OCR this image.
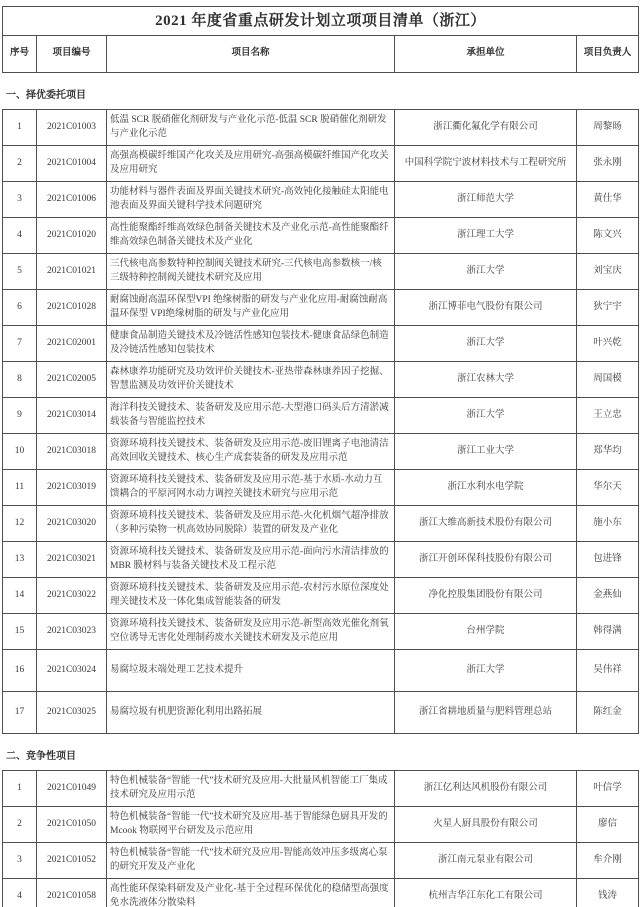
2021 年度省重点研发计划立项项目清单（浙江）
序号	项目编号	项目名称	承担单位	项目负责人

一、择优委托项目

1	2021C01003	低温 SCR 脱硝催化剂研发与产业化示范-低温 SCR 脱硝催化剂研发与产业化示范	浙江衢化氟化学有限公司	周黎旸
2	2021C01004	高强高模碳纤维国产化攻关及应用研究-高强高模碳纤维国产化攻关及应用研究	中国科学院宁波材料技术与工程研究所	张永刚
3	2021C01006	功能材料与器件表面及界面关键技术研究-高效钝化接触硅太阳能电池表面及界面关键科学技术问题研究	浙江师范大学	黄仕华
4	2021C01020	高性能聚酯纤维高效绿色制备关键技术及产业化示范-高性能聚酯纤维高效绿色制备关键技术及产业化	浙江理工大学	陈文兴
5	2021C01021	三代核电高参数特种控制阀关键技术研究-三代核电高参数核一/核三级特种控制阀关键技术研究及应用	浙江大学	刘宝庆
6	2021C01028	耐腐蚀耐高温环保型VPI 绝缘树脂的研发与产业化应用-耐腐蚀耐高温环保型 VPI绝缘树脂的研发与产业化应用	浙江博菲电气股份有限公司	狄宁宇
7	2021C02001	健康食品制造关键技术及冷链活性感知包装技术-健康食品绿色制造及冷链活性感知包装技术	浙江大学	叶兴乾
8	2021C02005	森林康养功能研究及功效评价关键技术-亚热带森林康养因子挖掘、智慧监测及功效评价关键技术	浙江农林大学	周国模
9	2021C03014	海洋科技关键技术、装备研发及应用示范-大型港口码头后方清淤减载装备与智能监控技术	浙江大学	王立忠
10	2021C03018	资源环境科技关键技术、装备研发及应用示范-废旧锂离子电池清洁高效回收关键技术、核心生产成套装备的研发及应用示范	浙江工业大学	郑华均
11	2021C03019	资源环境科技关键技术、装备研发及应用示范-基于水质-水动力互馈耦合的平原河网水动力调控关键技术研究与应用示范	浙江水利水电学院	华尔天
12	2021C03020	资源环境科技关键技术、装备研发及应用示范-火化机烟气超净排放（多种污染物一机高效协同脱除）装置的研发及产业化	浙江大维高新技术股份有限公司	施小东
13	2021C03021	资源环境科技关键技术、装备研发及应用示范-面向污水清洁排放的MBR 膜材料与装备关键技术及工程示范	浙江开创环保科技股份有限公司	包进锋
14	2021C03022	资源环境科技关键技术、装备研发及应用示范-农村污水原位深度处理关键技术及一体化集成智能装备的研发	净化控股集团股份有限公司	金燕仙
15	2021C03023	资源环境科技关键技术、装备研发及应用示范-新型高效光催化剂氧空位诱导无害化处理制药废水关键技术研发及示范应用	台州学院	韩得满
16	2021C03024	易腐垃圾末端处理工艺技术提升	浙江大学	吴伟祥
17	2021C03025	易腐垃圾有机肥资源化利用出路拓展	浙江省耕地质量与肥料管理总站	陈红金

二、竞争性项目

1	2021C01049	特色机械装备“智能一代”技术研究及应用-大批量风机智能工厂集成技术研究及应用示范	浙江亿利达风机股份有限公司	叶信学
2	2021C01050	特色机械装备“智能一代”技术研究及应用-基于智能绿色厨具开发的 Mcook 物联网平台研发及示范应用	火星人厨具股份有限公司	廖信
3	2021C01052	特色机械装备“智能一代”技术研究及应用-智能高效冲压多级离心泵的研究开发及产业化	浙江南元泵业有限公司	牟介刚
4	2021C01058	高性能环保染料研发及产业化-基于全过程环保优化的稳储型高强度免水洗液体分散染料	杭州吉华江东化工有限公司	钱涛
